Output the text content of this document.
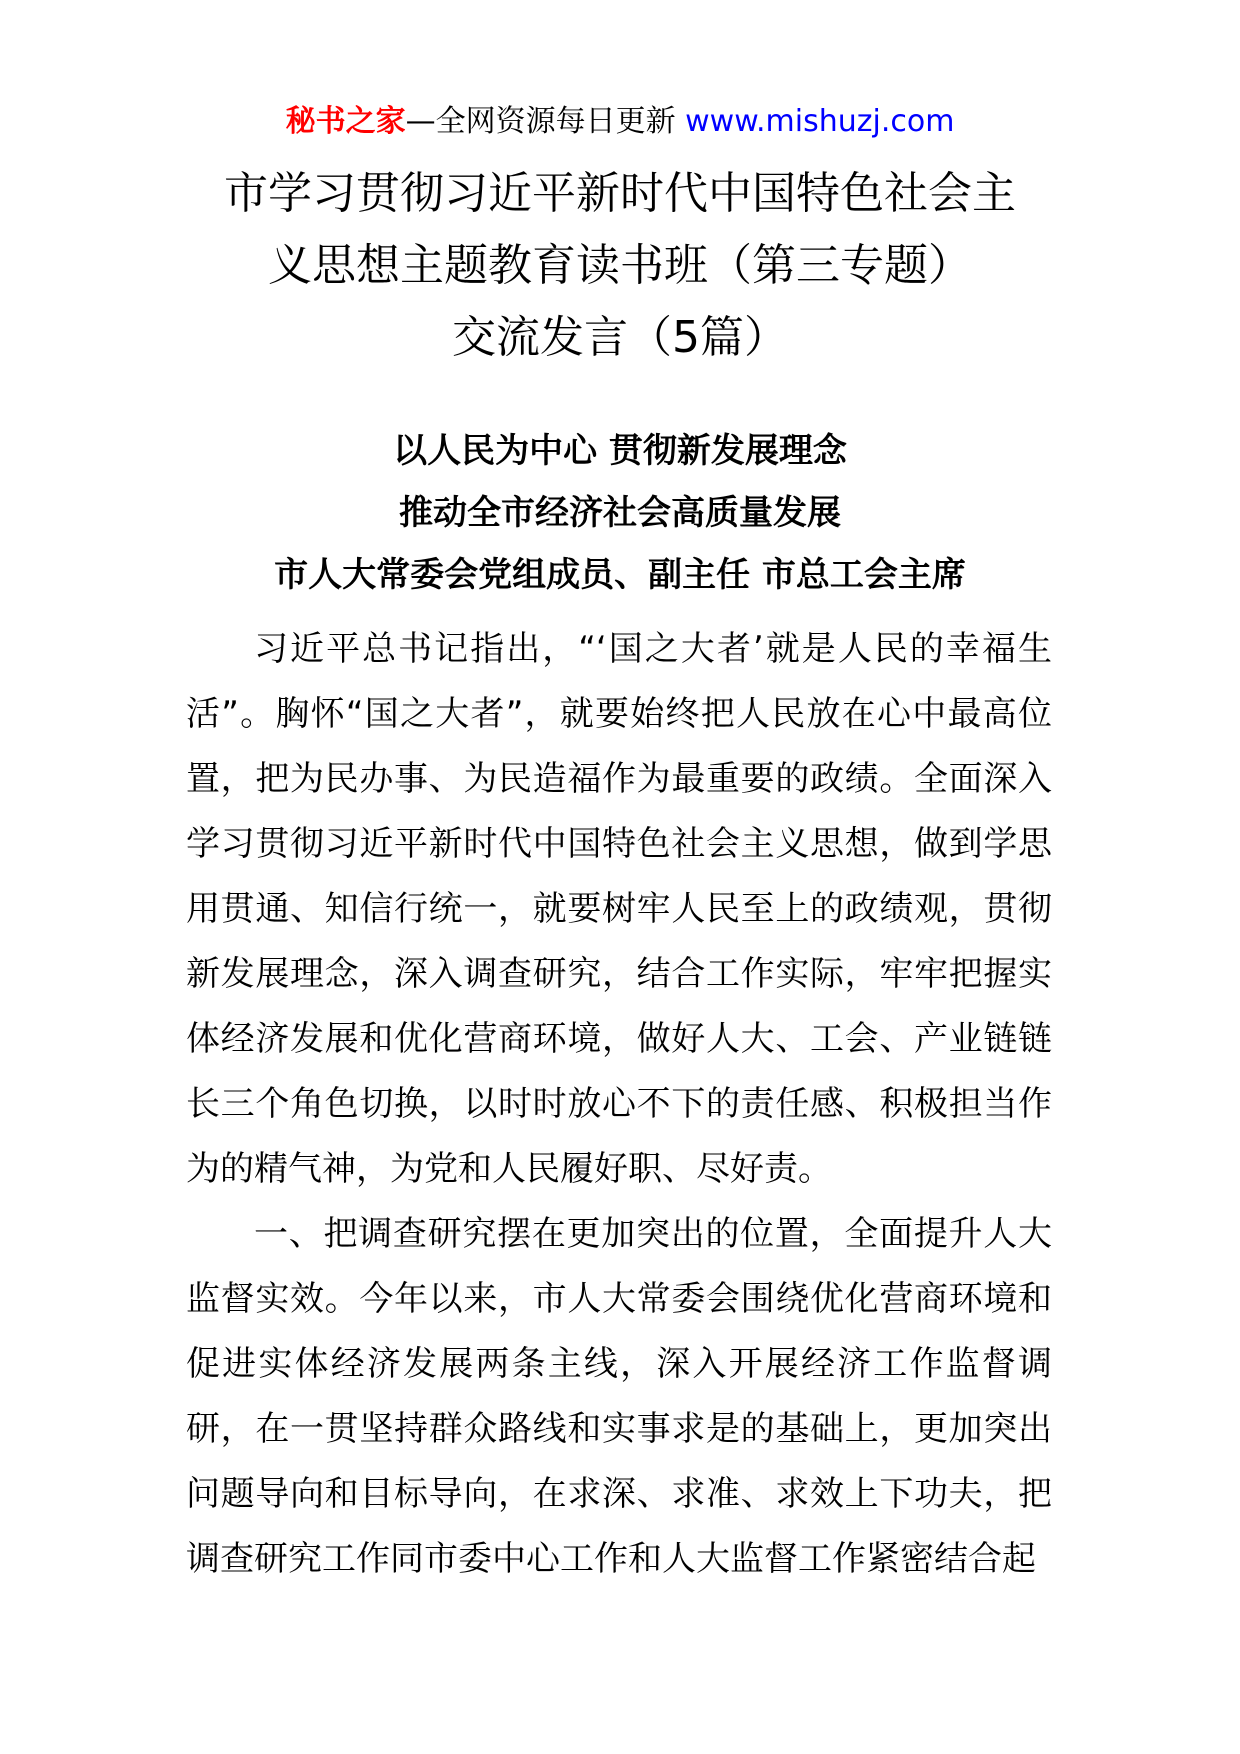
秘书之家—全网资源每日更新 www.mishuzj.com
市学习贯彻习近平新时代中国特色社会主
义思想主题教育读书班（第三专题）
交流发言（5篇）
以人民为中心 贯彻新发展理念
推动全市经济社会高质量发展
市人大常委会党组成员、副主任 市总工会主席

习近平总书记指出，“‘国之大者’就是人民的幸福生活”。胸怀“国之大者”，就要始终把人民放在心中最高位置，把为民办事、为民造福作为最重要的政绩。全面深入学习贯彻习近平新时代中国特色社会主义思想，做到学思用贯通、知信行统一，就要树牢人民至上的政绩观，贯彻新发展理念，深入调查研究，结合工作实际，牢牢把握实体经济发展和优化营商环境，做好人大、工会、产业链链长三个角色切换，以时时放心不下的责任感、积极担当作为的精气神，为党和人民履好职、尽好责。

一、把调查研究摆在更加突出的位置，全面提升人大监督实效。今年以来，市人大常委会围绕优化营商环境和促进实体经济发展两条主线，深入开展经济工作监督调研，在一贯坚持群众路线和实事求是的基础上，更加突出问题导向和目标导向，在求深、求准、求效上下功夫，把调查研究工作同市委中心工作和人大监督工作紧密结合起
